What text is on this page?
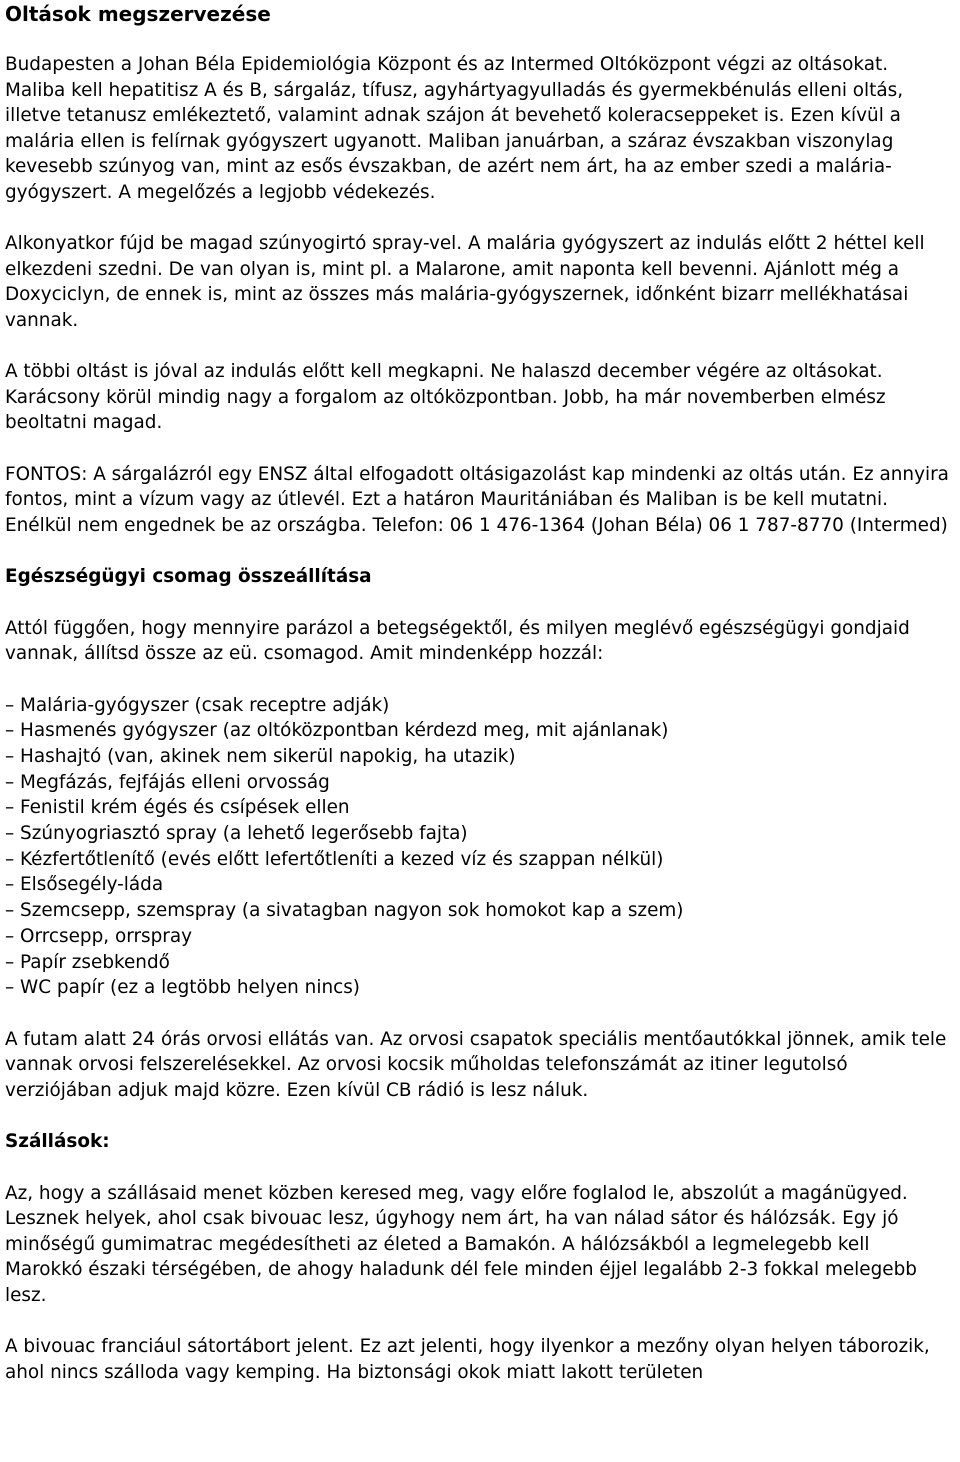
Oltások megszervezése

Budapesten a Johan Béla Epidemiológia Központ és az Intermed Oltóközpont végzi az oltásokat. Maliba kell hepatitisz A és B, sárgaláz, tífusz, agyhártyagyulladás és gyermekbénulás elleni oltás, illetve tetanusz emlékeztető, valamint adnak szájon át bevehető koleracseppeket is. Ezen kívül a malária ellen is felírnak gyógyszert ugyanott. Maliban januárban, a száraz évszakban viszonylag kevesebb szúnyog van, mint az esős évszakban, de azért nem árt, ha az ember szedi a malária-gyógyszert. A megelőzés a legjobb védekezés.

Alkonyatkor fújd be magad szúnyogirtó spray-vel. A malária gyógyszert az indulás előtt 2 héttel kell elkezdeni szedni. De van olyan is, mint pl. a Malarone, amit naponta kell bevenni. Ajánlott még a Doxyciclyn, de ennek is, mint az összes más malária-gyógyszernek, időnként bizarr mellékhatásai vannak.

A többi oltást is jóval az indulás előtt kell megkapni. Ne halaszd december végére az oltásokat. Karácsony körül mindig nagy a forgalom az oltóközpontban. Jobb, ha már novemberben elmész beoltatni magad.

FONTOS: A sárgalázról egy ENSZ által elfogadott oltásigazolást kap mindenki az oltás után. Ez annyira fontos, mint a vízum vagy az útlevél. Ezt a határon Mauritániában és Maliban is be kell mutatni. Enélkül nem engednek be az országba. Telefon: 06 1 476-1364 (Johan Béla) 06 1 787-8770 (Intermed)

Egészségügyi csomag összeállítása

Attól függően, hogy mennyire parázol a betegségektől, és milyen meglévő egészségügyi gondjaid vannak, állítsd össze az eü. csomagod. Amit mindenképp hozzál:

– Malária-gyógyszer (csak receptre adják)
– Hasmenés gyógyszer (az oltóközpontban kérdezd meg, mit ajánlanak)
– Hashajtó (van, akinek nem sikerül napokig, ha utazik)
– Megfázás, fejfájás elleni orvosság
– Fenistil krém égés és csípések ellen
– Szúnyogriasztó spray (a lehető legerősebb fajta)
– Kézfertőtlenítő (evés előtt lefertőtleníti a kezed víz és szappan nélkül)
– Elsősegély-láda
– Szemcsepp, szemspray (a sivatagban nagyon sok homokot kap a szem)
– Orrcsepp, orrspray
– Papír zsebkendő
– WC papír (ez a legtöbb helyen nincs)

A futam alatt 24 órás orvosi ellátás van. Az orvosi csapatok speciális mentőautókkal jönnek, amik tele vannak orvosi felszerelésekkel. Az orvosi kocsik műholdas telefonszámát az itiner legutolsó verziójában adjuk majd közre. Ezen kívül CB rádió is lesz náluk.

Szállások:

Az, hogy a szállásaid menet közben keresed meg, vagy előre foglalod le, abszolút a magánügyed. Lesznek helyek, ahol csak bivouac lesz, úgyhogy nem árt, ha van nálad sátor és hálózsák. Egy jó minőségű gumimatrac megédesítheti az életed a Bamakón. A hálózsákból a legmelegebb kell Marokkó északi térségében, de ahogy haladunk dél fele minden éjjel legalább 2-3 fokkal melegebb lesz.

A bivouac franciául sátortábort jelent. Ez azt jelenti, hogy ilyenkor a mezőny olyan helyen táborozik, ahol nincs szálloda vagy kemping. Ha biztonsági okok miatt lakott területen
